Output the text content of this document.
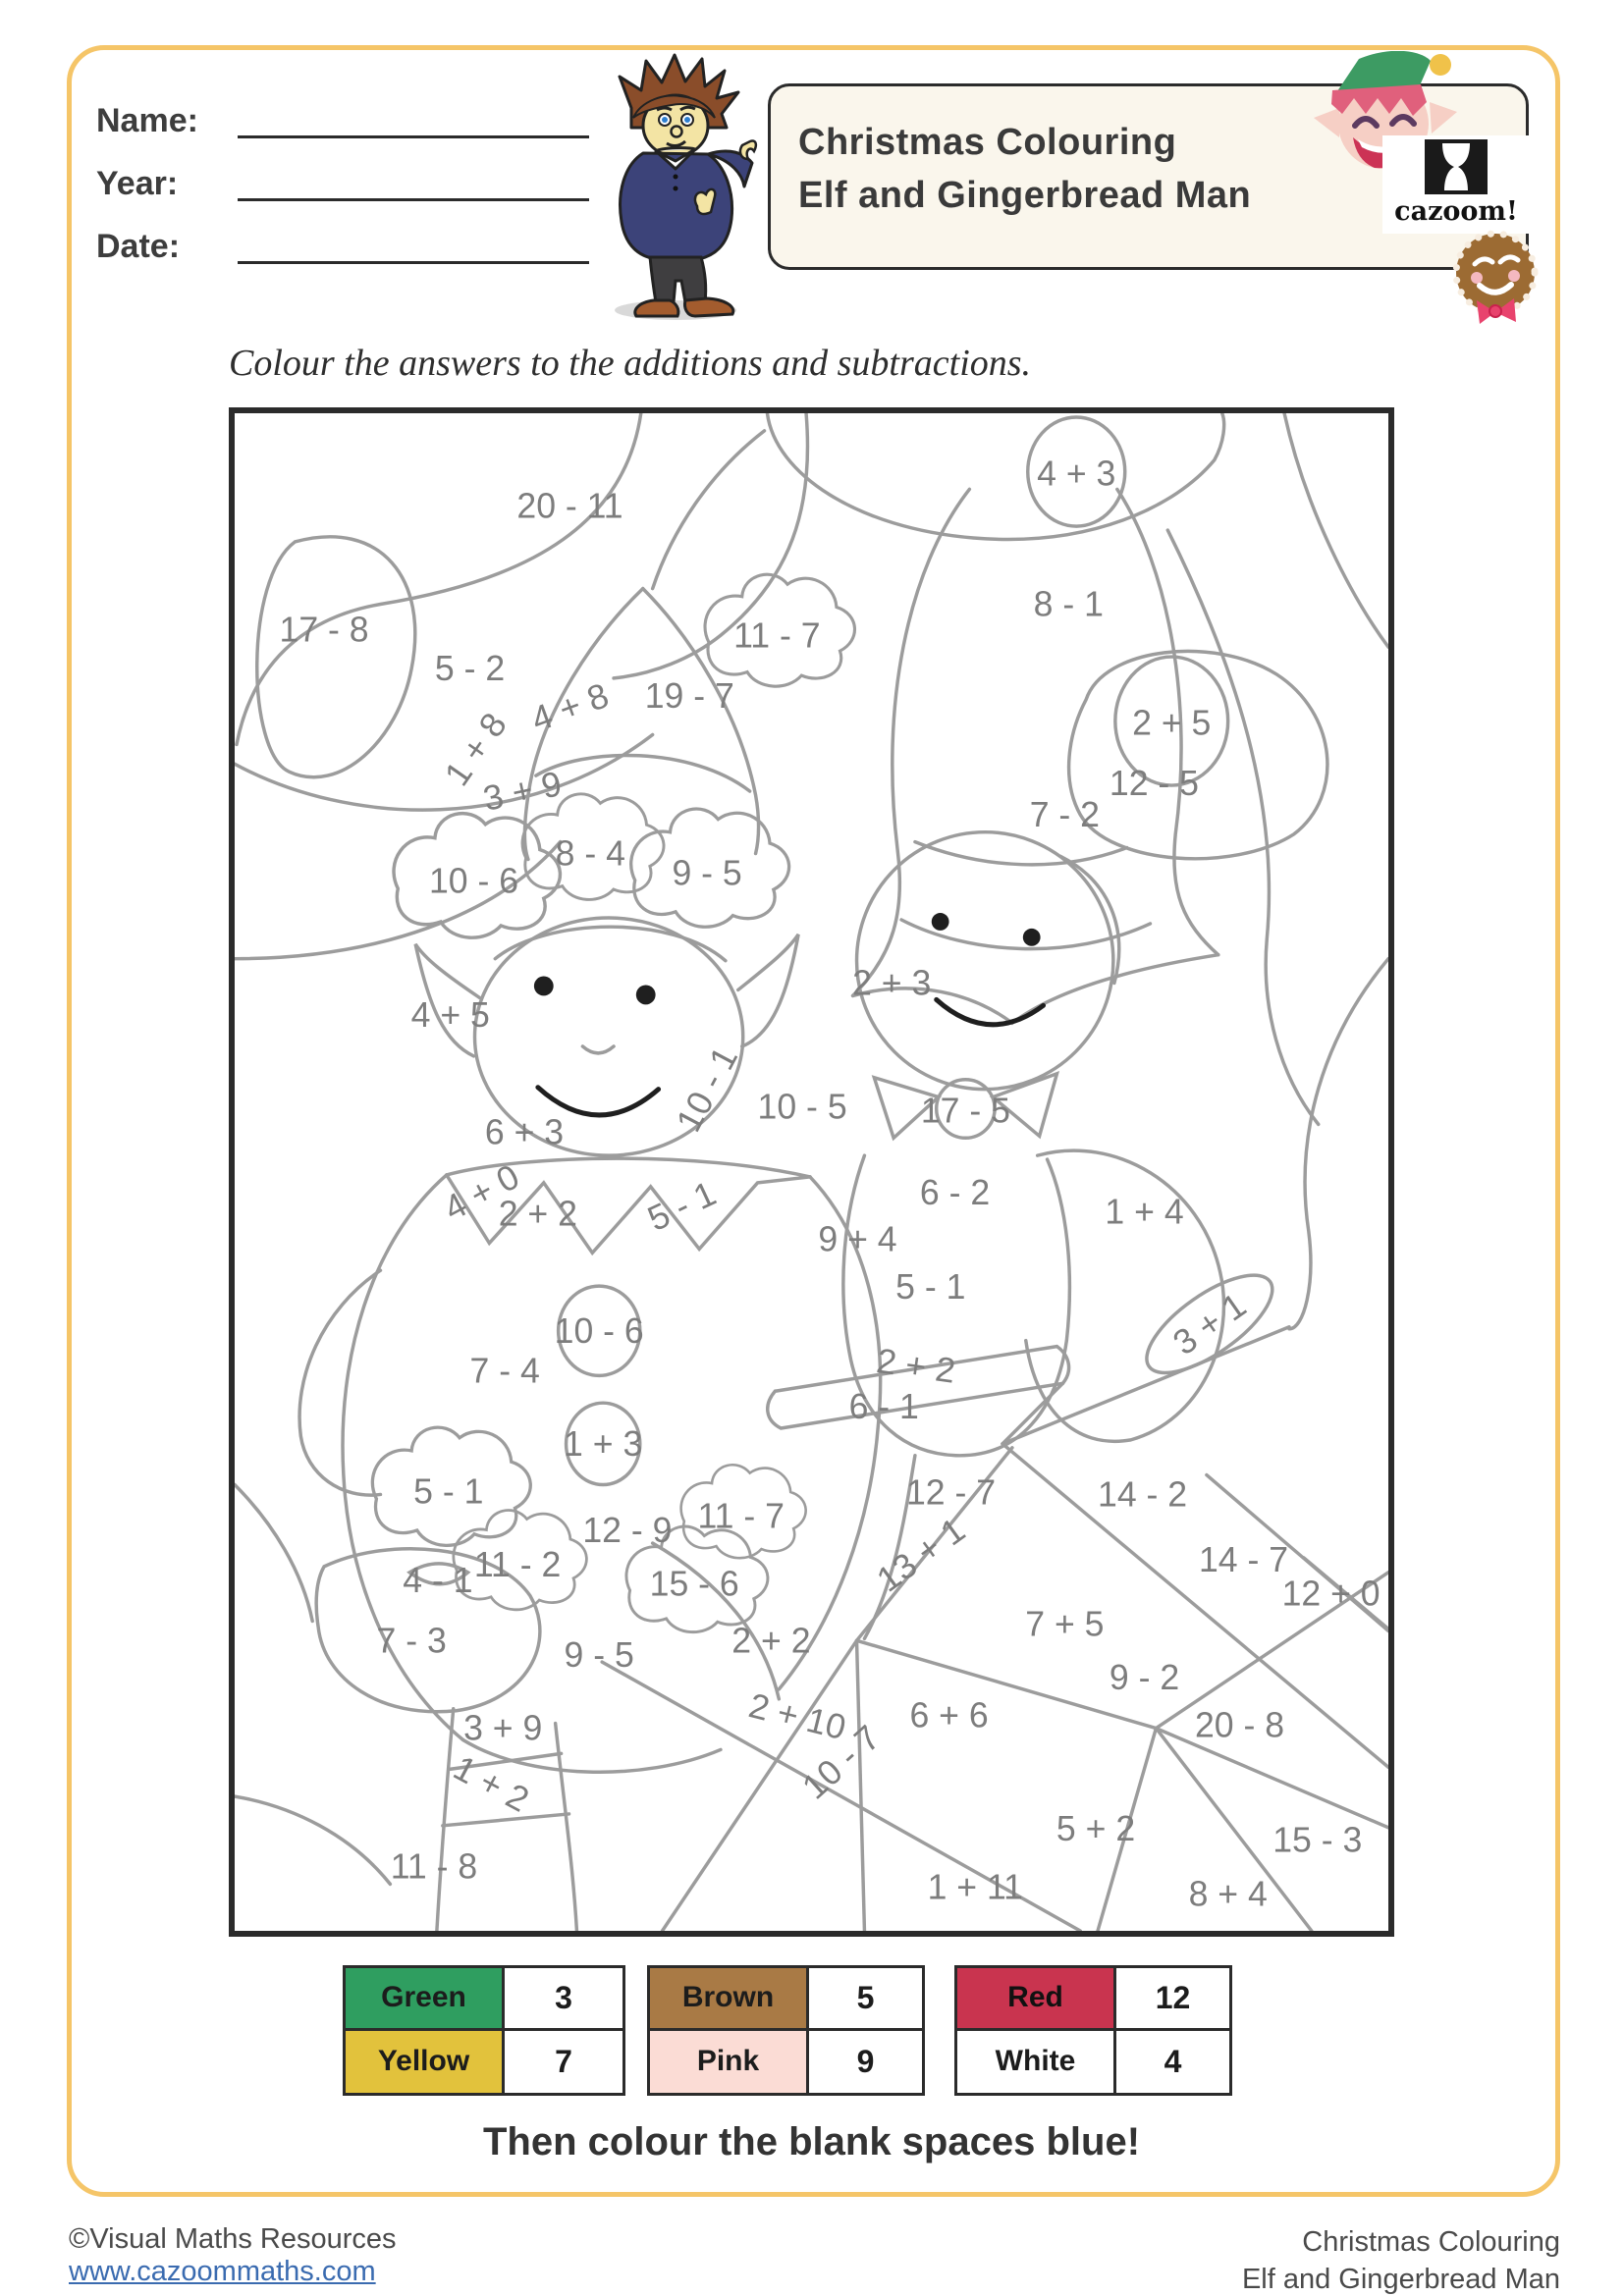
Name:
Year:
Date:
Christmas Colouring
Elf and Gingerbread Man	cazoom!
Colour the answers to the additions and subtractions.
20 - 11
4 + 3
17 - 8
5 - 2
11 - 7
19 - 7
8 - 1
1 + 8 4 + 8	2 + 5
12 - 5
7 - 2
3 + 9
10 - 6
8 - 4 9 - 5
4 + 5
6 + 3	10 - 1 10 - 5
2 + 3
17 - 5
4 + 0
2 + 2 5 - 1	6 - 2
9 + 4
1 + 4
5 - 1	3 + 1
10 - 6
7 - 4	2 + 2
6 - 1
1 + 3
5 - 1
12 - 9 11 - 7
11 - 2
4 - 1	15 - 6
7 - 3	9 - 5	2 + 2
3 + 9	2 + 10
1 + 2	10 - 7
11 - 8
12 - 7	14 - 2
14 - 7
12 + 0
13 + 1
7 + 5
9 - 2
6 + 6	20 - 8
5 + 2	15 - 3
1 + 11	8 + 4
Green	3
Yellow	7
Brown	5
Pink	9
Red	12
White	4
Then colour the blank spaces blue!
©Visual Maths Resources
www.cazoommaths.com
Christmas Colouring
Elf and Gingerbread Man
